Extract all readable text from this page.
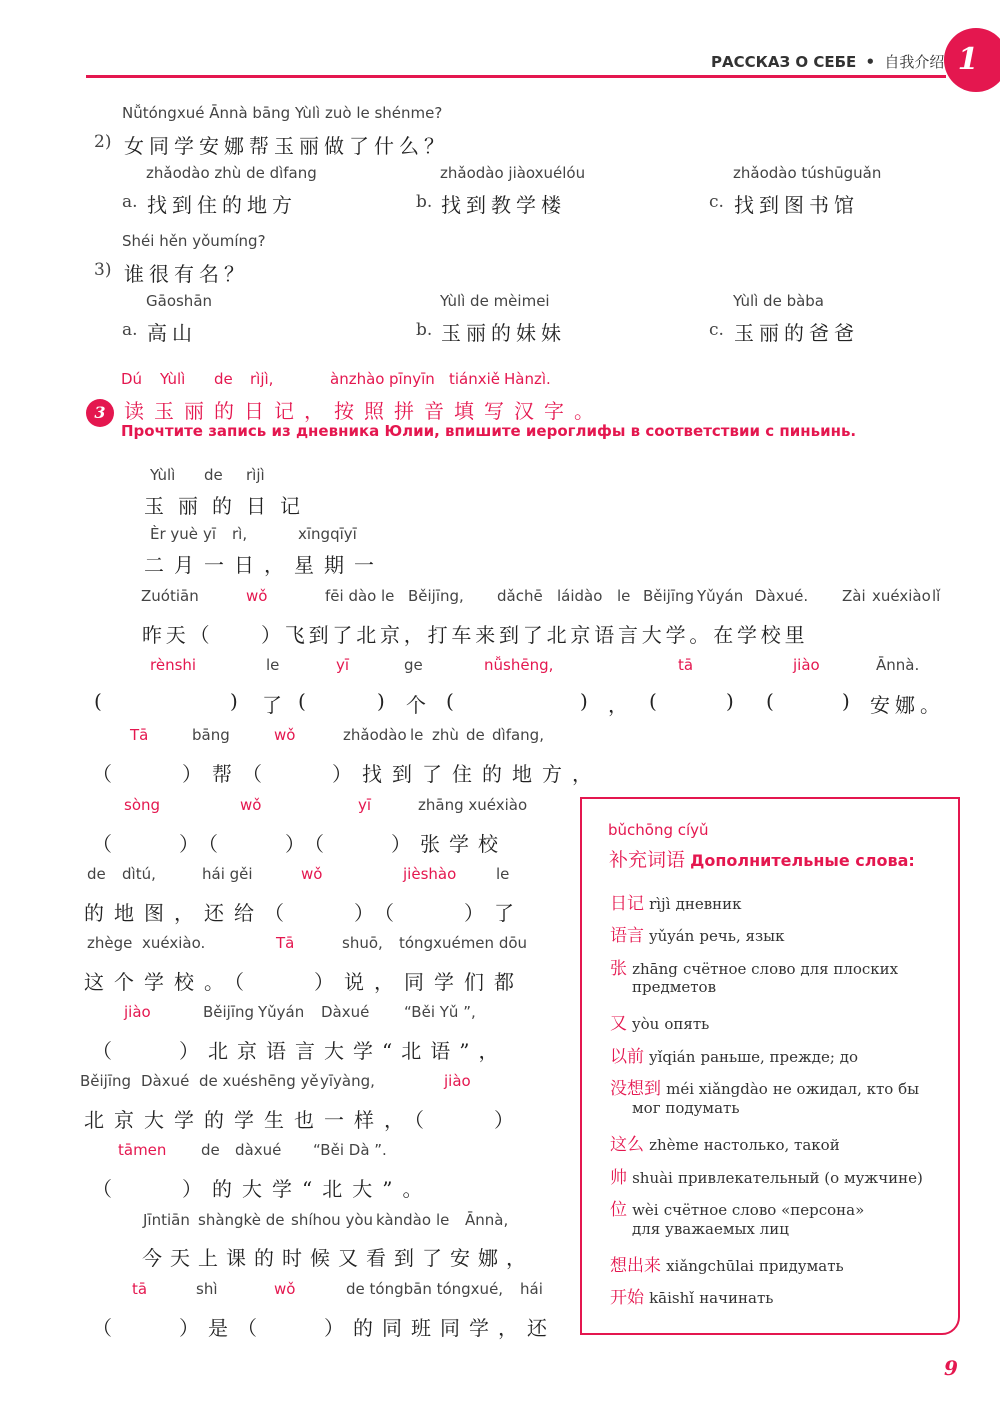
РАССКАЗ О СЕБЕ • 自我介绍 1
Nǚtóngxué Ānnà bāng Yùlì zuò le shénme?
2) 女同学安娜帮玉丽做了什么？
zhǎodào zhù de dìfang
a. 找到住的地方
zhǎodào jiàoxuélóu
b. 找到教学楼
zhǎodào túshūguǎn
c. 找到图书馆
Shéi hěn yǒumíng?
3) 谁很有名？
Gāoshān
a. 高山
Yùlì de mèimei
b. 玉丽的妹妹
Yùlì de bàba
c. 玉丽的爸爸
Dú Yùlì de rìjì,	ànzhào pīnyīn tiánxiě Hànzì.
3 读玉丽的日记，按照拼音填写汉字。
Прочтите запись из дневника Юлии, впишите иероглифы в соответствии с пиньинь.
Yùlì de rìjì
玉丽的日记
Èr yuè yī rì,	xīngqīyī
二月一日，星期一
Zuótiān	wǒ	fēi dào le Běijīng, dǎchē láidào le Běijīng Yǔyán Dàxué. Zài xuéxiào lǐ
昨天（　　）飞到了北京，打车来到了北京语言大学。在学校里
rènshi	le	yī	ge	nǚshēng,	tā	jiào	Ānnà.
(	) 了 (	) 个 (	) ， (	) (	) 安娜。
Tā	bāng	wǒ	zhǎodào le zhù de dìfang,
（　　）帮（　　）找到了住的地方，
sòng	wǒ	yī	zhāng xuéxiào
（　　）（　　）（　　）张学校
de dìtú,	hái gěi	wǒ	jièshào	le
的地图，还给（　　）（　　）了
zhège xuéxiào.	Tā	shuō, tóngxuémen dōu
这个学校。（　　）说，同学们都
jiào	Běijīng Yǔyán Dàxué “Běi Yǔ ”,
（　　）北京语言大学“北语”，
Běijīng Dàxué de xuéshēng yě yīyàng,	jiào
北京大学的学生也一样，（　　）
tāmen de dàxué “Běi Dà ”.
（　　）的大学“北大”。
Jīntiān shàngkè de shíhou yòu kàndào le Ānnà,
今天上课的时候又看到了安娜，
tā	shì	wǒ	de tóngbān tóngxué, hái
（　　）是（　　）的同班同学，还
bǔchōng cíyǔ
补充词语 Дополнительные слова:
日记 rìjì дневник
语言 yǔyán речь, язык
张 zhāng счётное слово для плоских
предметов
又 yòu опять
以前 yǐqián раньше, прежде; до
没想到 méi xiǎngdào не ожидал, кто бы
мог подумать
这么 zhème настолько, такой
帅 shuài привлекательный (о мужчине)
位 wèi счётное слово «персона»
для уважаемых лиц
想出来 xiǎngchūlai придумать
开始 kāishǐ начинать
9
